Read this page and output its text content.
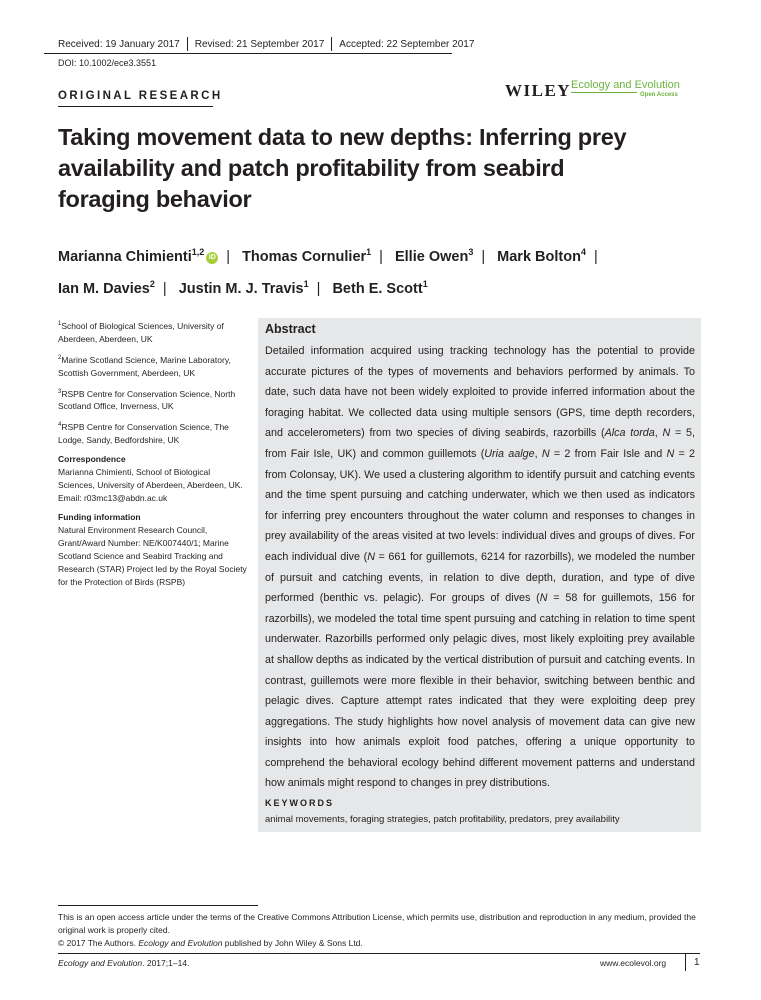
Received: 19 January 2017 Revised: 21 September 2017 Accepted: 22 September 2017
DOI: 10.1002/ece3.3551
ORIGINAL RESEARCH	WILEY Ecology and Evolution
Open Access
Taking movement data to new depths: Inferring prey availability and patch profitability from seabird foraging behavior
Marianna Chimienti$^{1,2}$iD | Thomas Cornulier$^1$ | Ellie Owen$^3$ | Mark Bolton$^4$ |
Ian M. Davies$^2$ | Justin M. J. Travis$^1$ | Beth E. Scott$^1$

$^1$School of Biological Sciences, University of Aberdeen, Aberdeen, UK

$^2$Marine Scotland Science, Marine Laboratory, Scottish Government, Aberdeen, UK

$^3$RSPB Centre for Conservation Science, North Scotland Office, Inverness, UK

$^4$RSPB Centre for Conservation Science, The Lodge, Sandy, Bedfordshire, UK

Correspondence
Marianna Chimienti, School of Biological Sciences, University of Aberdeen, Aberdeen, UK.

Email: r03mc13@abdn.ac.uk

Funding information
Natural Environment Research Council, Grant/Award Number: NE/K007440/1; Marine Scotland Science and Seabird Tracking and Research (STAR) Project led by the Royal Society for the Protection of Birds (RSPB)
Abstract
Detailed information acquired using tracking technology has the potential to provide accurate pictures of the types of movements and behaviors performed by animals. To date, such data have not been widely exploited to provide inferred information about the foraging habitat. We collected data using multiple sensors (GPS, time depth recorders, and accelerometers) from two species of diving seabirds, razorbills (Alca torda, N = 5, from Fair Isle, UK) and common guillemots (Uria aalge, N = 2 from Fair Isle and N = 2 from Colonsay, UK). We used a clustering algorithm to identify pursuit and catching events and the time spent pursuing and catching underwater, which we then used as indicators for inferring prey encounters throughout the water column and responses to changes in prey availability of the areas visited at two levels: individual dives and groups of dives. For each individual dive (N = 661 for guillemots, 6214 for razorbills), we modeled the number of pursuit and catching events, in relation to dive depth, duration, and type of dive performed (benthic vs. pelagic). For groups of dives (N = 58 for guillemots, 156 for razorbills), we modeled the total time spent pursuing and catching in relation to time spent underwater. Razorbills performed only pelagic dives, most likely exploiting prey available at shallow depths as indicated by the vertical distribution of pursuit and catching events. In contrast, guillemots were more flexible in their behavior, switching between benthic and pelagic dives. Capture attempt rates indicated that they were exploiting deep prey aggregations. The study highlights how novel analysis of movement data can give new insights into how animals exploit food patches, offering a unique opportunity to comprehend the behavioral ecology behind different movement patterns and understand how animals might respond to changes in prey distributions.
KEYWORDS
animal movements, foraging strategies, patch profitability, predators, prey availability
This is an open access article under the terms of the Creative Commons Attribution License, which permits use, distribution and reproduction in any medium, provided the original work is properly cited.
© 2017 The Authors. Ecology and Evolution published by John Wiley & Sons Ltd.
Ecology and Evolution. 2017;1–14.	www.ecolevol.org	1
